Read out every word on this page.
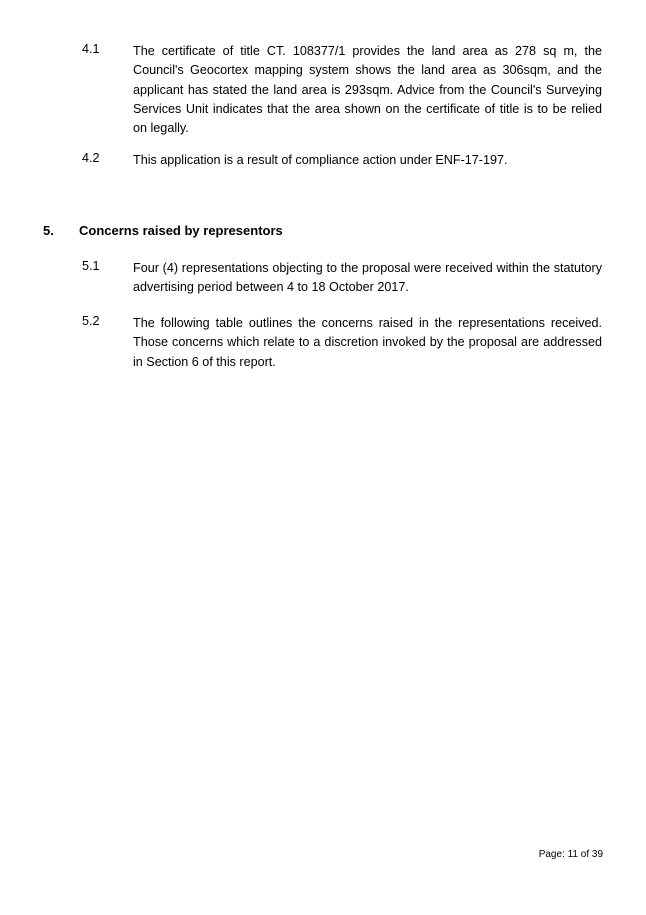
4.1	The certificate of title CT. 108377/1 provides the land area as 278 sq m, the Council's Geocortex mapping system shows the land area as 306sqm, and the applicant has stated the land area is 293sqm. Advice from the Council's Surveying Services Unit indicates that the area shown on the certificate of title is to be relied on legally.
4.2	This application is a result of compliance action under ENF-17-197.
5. Concerns raised by representors
5.1	Four (4) representations objecting to the proposal were received within the statutory advertising period between 4 to 18 October 2017.
5.2	The following table outlines the concerns raised in the representations received. Those concerns which relate to a discretion invoked by the proposal are addressed in Section 6 of this report.
Page: 11 of 39
